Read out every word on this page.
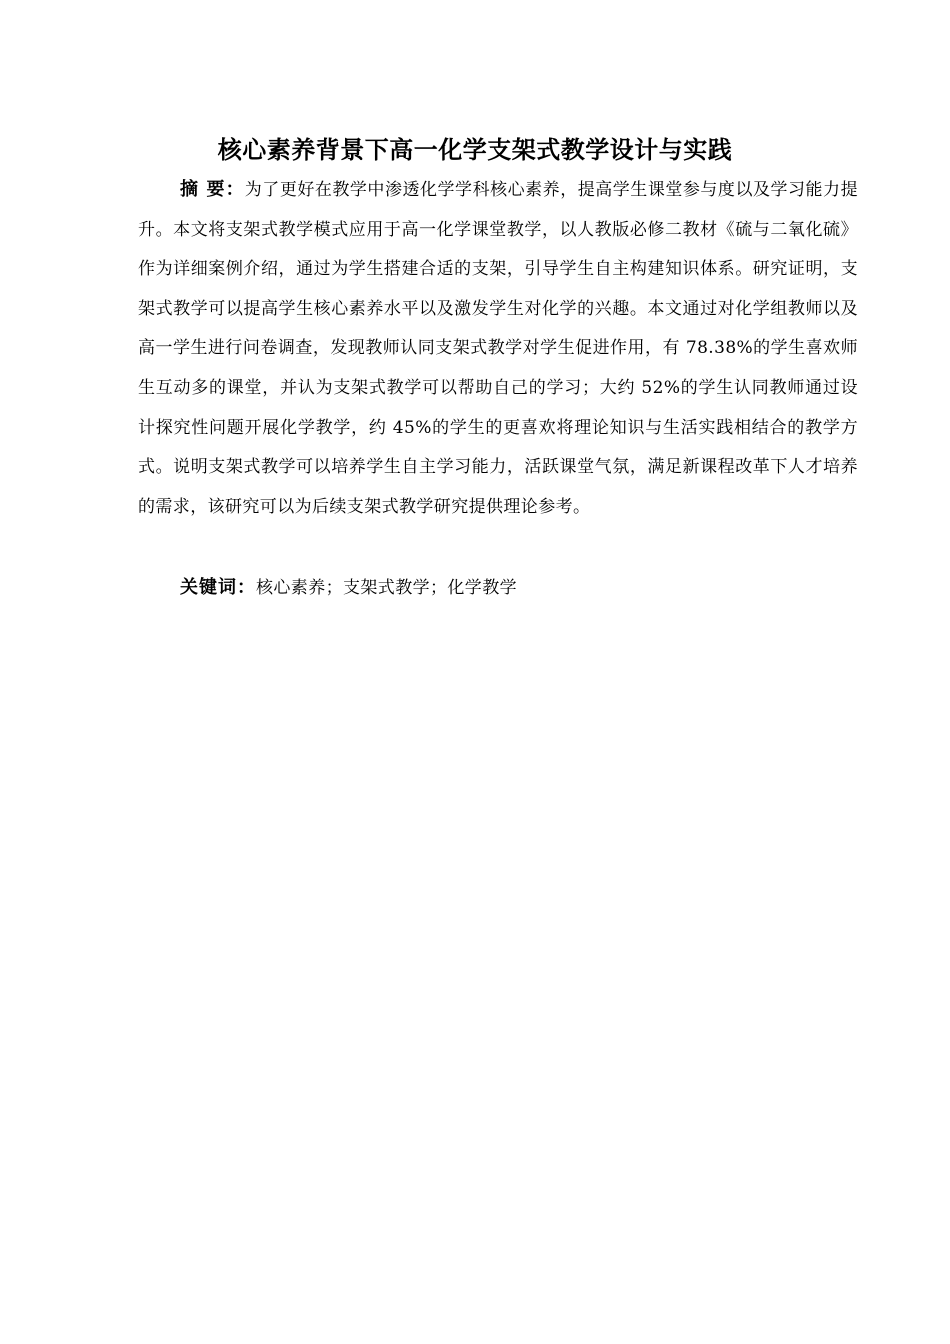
核心素养背景下高一化学支架式教学设计与实践

摘 要：为了更好在教学中渗透化学学科核心素养，提高学生课堂参与度以及学习能力提升。本文将支架式教学模式应用于高一化学课堂教学，以人教版必修二教材《硫与二氧化硫》作为详细案例介绍，通过为学生搭建合适的支架，引导学生自主构建知识体系。研究证明，支架式教学可以提高学生核心素养水平以及激发学生对化学的兴趣。本文通过对化学组教师以及高一学生进行问卷调查，发现教师认同支架式教学对学生促进作用，有 78.38%的学生喜欢师生互动多的课堂，并认为支架式教学可以帮助自己的学习；大约 52%的学生认同教师通过设计探究性问题开展化学教学，约 45%的学生的更喜欢将理论知识与生活实践相结合的教学方式。说明支架式教学可以培养学生自主学习能力，活跃课堂气氛，满足新课程改革下人才培养的需求，该研究可以为后续支架式教学研究提供理论参考。

关键词：核心素养；支架式教学；化学教学
